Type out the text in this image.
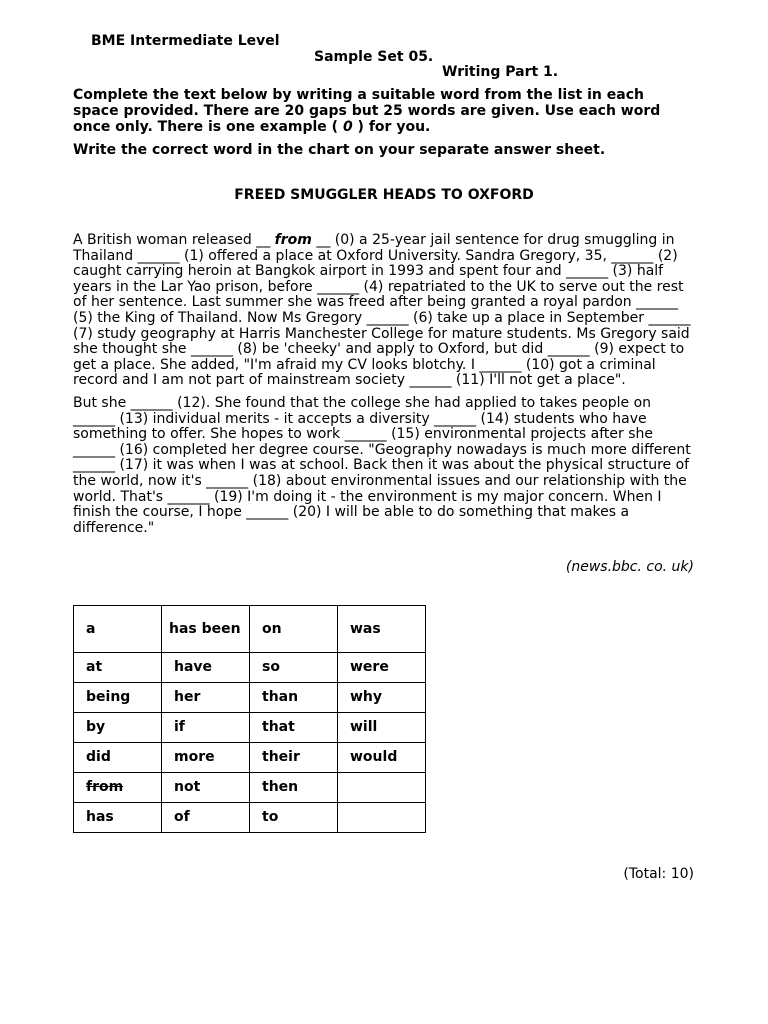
BME Intermediate Level
Sample Set 05.
Writing Part 1.

Complete the text below by writing a suitable word from the list in each space provided. There are 20 gaps but 25 words are given. Use each word once only. There is one example ( 0 ) for you.

Write the correct word in the chart on your separate answer sheet.

FREED SMUGGLER HEADS TO OXFORD

A British woman released __ from __ (0) a 25-year jail sentence for drug smuggling in Thailand ______ (1) offered a place at Oxford University. Sandra Gregory, 35, ______ (2) caught carrying heroin at Bangkok airport in 1993 and spent four and ______ (3) half years in the Lar Yao prison, before ______ (4) repatriated to the UK to serve out the rest of her sentence. Last summer she was freed after being granted a royal pardon ______ (5) the King of Thailand. Now Ms Gregory ______ (6) take up a place in September ______ (7) study geography at Harris Manchester College for mature students. Ms Gregory said she thought she ______ (8) be 'cheeky' and apply to Oxford, but did ______ (9) expect to get a place. She added, "I'm afraid my CV looks blotchy. I ______ (10) got a criminal record and I am not part of mainstream society ______ (11) I'll not get a place".

But she ______ (12). She found that the college she had applied to takes people on ______ (13) individual merits - it accepts a diversity ______ (14) students who have something to offer. She hopes to work ______ (15) environmental projects after she ______ (16) completed her degree course. "Geography nowadays is much more different ______ (17) it was when I was at school. Back then it was about the physical structure of the world, now it's ______ (18) about environmental issues and our relationship with the world. That's ______ (19) I'm doing it - the environment is my major concern. When I finish the course, I hope ______ (20) I will be able to do something that makes a difference."

(news.bbc. co. uk)
a	has been	on	was
at	have	so	were
being	her	than	why
by	if	that	will
did	more	their	would
from	not	then	
has	of	to	
(Total: 10)
